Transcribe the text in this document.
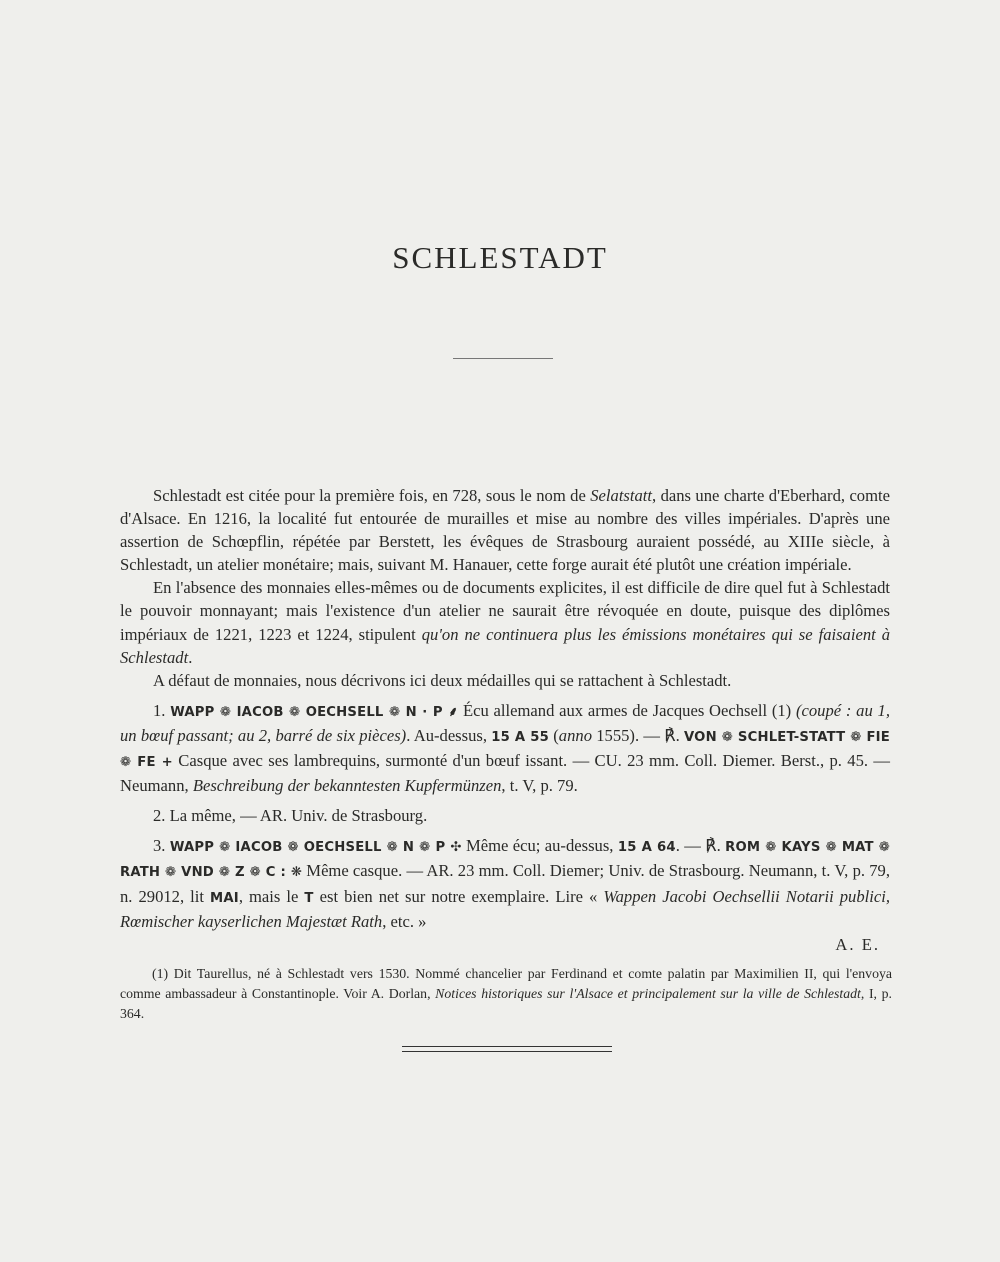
SCHLESTADT

Schlestadt est citée pour la première fois, en 728, sous le nom de Selatstatt, dans une charte d'Eberhard, comte d'Alsace. En 1216, la localité fut entourée de murailles et mise au nombre des villes impériales. D'après une assertion de Schœpflin, répétée par Berstett, les évêques de Strasbourg auraient possédé, au XIIIe siècle, à Schlestadt, un atelier monétaire; mais, suivant M. Hanauer, cette forge aurait été plutôt une création impériale.

En l'absence des monnaies elles-mêmes ou de documents explicites, il est difficile de dire quel fut à Schlestadt le pouvoir monnayant; mais l'existence d'un atelier ne saurait être révoquée en doute, puisque des diplômes impériaux de 1221, 1223 et 1224, stipulent qu'on ne continuera plus les émissions monétaires qui se faisaient à Schlestadt.

A défaut de monnaies, nous décrivons ici deux médailles qui se rattachent à Schlestadt.

1. WAPP ❁ IACOB ❁ OECHSELL ❁ N · P ⸙ Écu allemand aux armes de Jacques Oechsell (1) (coupé : au 1, un bœuf passant; au 2, barré de six pièces). Au-dessus, 15 A 55 (anno 1555). — ℟. VON ❁ SCHLET-STATT ❁ FIE ❁ FE + Casque avec ses lambrequins, surmonté d'un bœuf issant. — CU. 23 mm. Coll. Diemer. Berst., p. 45. — Neumann, Beschreibung der bekanntesten Kupfermünzen, t. V, p. 79.

2. La même, — AR. Univ. de Strasbourg.

3. WAPP ❁ IACOB ❁ OECHSELL ❁ N ❁ P ✣ Même écu; au-dessus, 15 A 64. — ℟. ROM ❁ KAYS ❁ MAT ❁ RATH ❁ VND ❁ Z ❁ C : ❋ Même casque. — AR. 23 mm. Coll. Diemer; Univ. de Strasbourg. Neumann, t. V, p. 79, n. 29012, lit MAI, mais le T est bien net sur notre exemplaire. Lire « Wappen Jacobi Oechsellii Notarii publici, Rœmischer kayserlichen Majestæt Rath, etc. »

A. E.

(1) Dit Taurellus, né à Schlestadt vers 1530. Nommé chancelier par Ferdinand et comte palatin par Maximilien II, qui l'envoya comme ambassadeur à Constantinople. Voir A. Dorlan, Notices historiques sur l'Alsace et principalement sur la ville de Schlestadt, I, p. 364.
